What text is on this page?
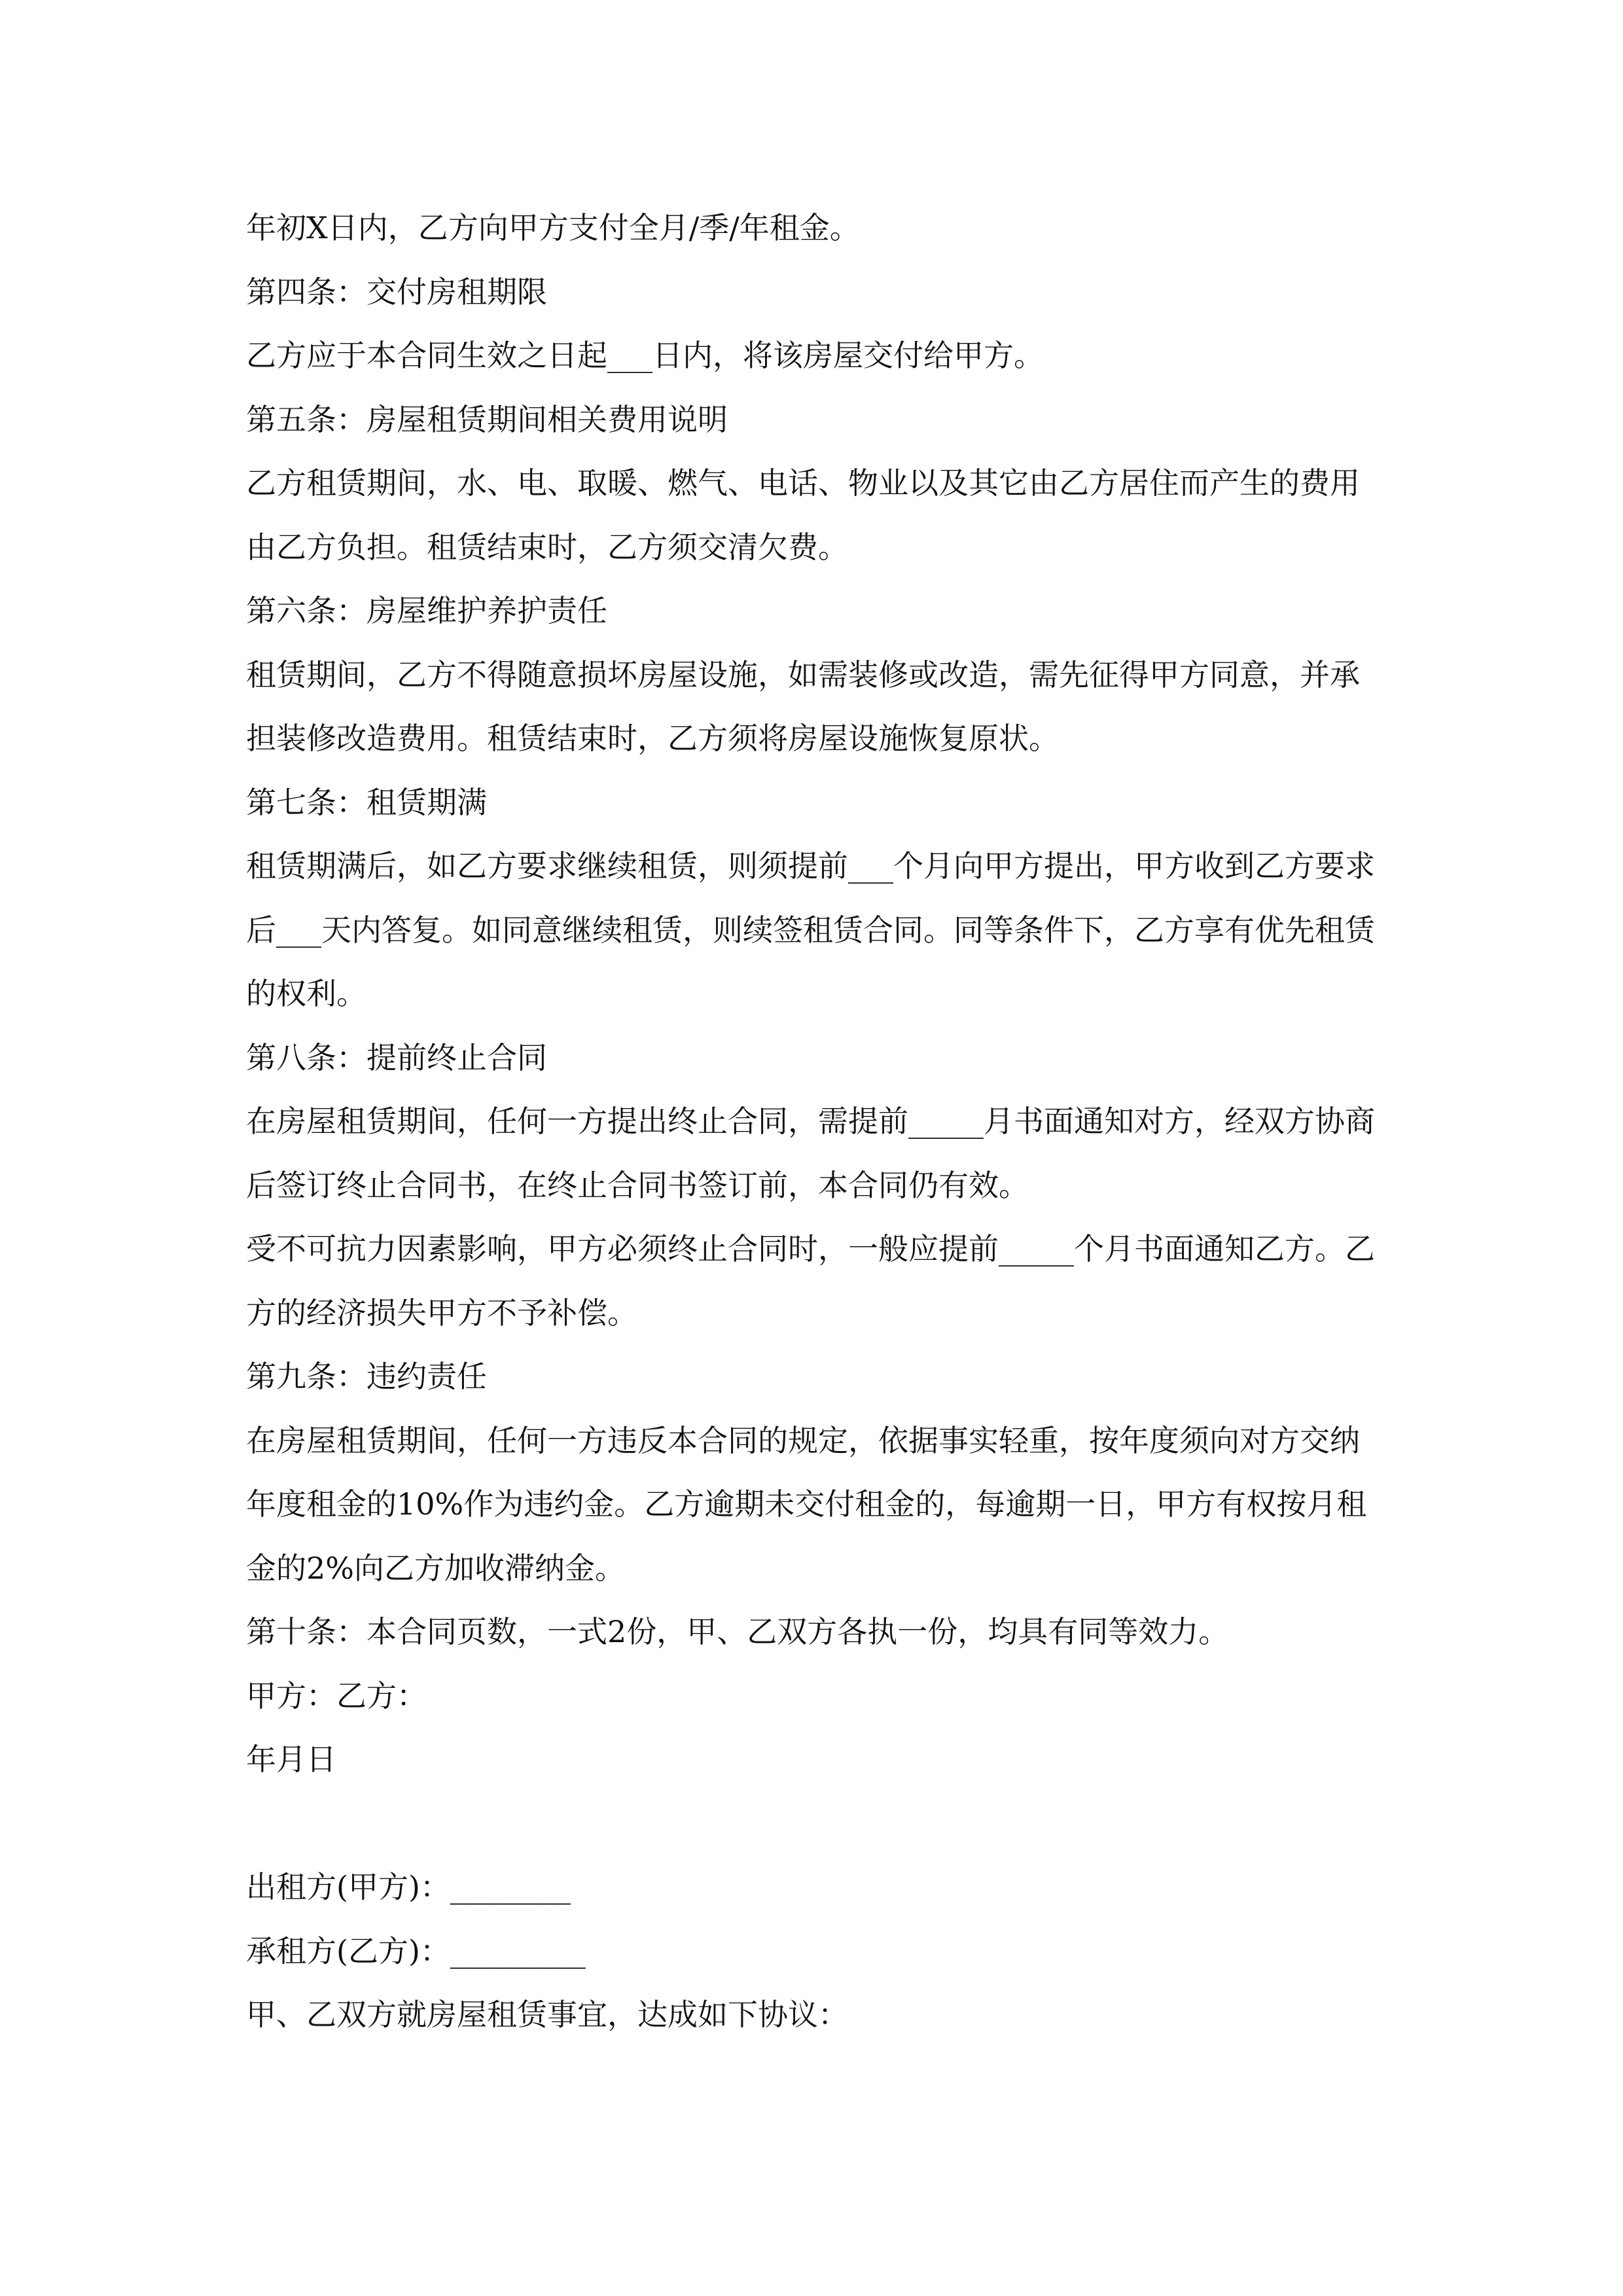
年初X日内，乙方向甲方支付全月/季/年租金。

第四条：交付房租期限

乙方应于本合同生效之日起___日内，将该房屋交付给甲方。

第五条：房屋租赁期间相关费用说明

乙方租赁期间，水、电、取暖、燃气、电话、物业以及其它由乙方居住而产生的费用由乙方负担。租赁结束时，乙方须交清欠费。

第六条：房屋维护养护责任

租赁期间，乙方不得随意损坏房屋设施，如需装修或改造，需先征得甲方同意，并承担装修改造费用。租赁结束时，乙方须将房屋设施恢复原状。

第七条：租赁期满

租赁期满后，如乙方要求继续租赁，则须提前___个月向甲方提出，甲方收到乙方要求后___天内答复。如同意继续租赁，则续签租赁合同。同等条件下，乙方享有优先租赁的权利。

第八条：提前终止合同

在房屋租赁期间，任何一方提出终止合同，需提前_____月书面通知对方，经双方协商后签订终止合同书，在终止合同书签订前，本合同仍有效。

受不可抗力因素影响，甲方必须终止合同时，一般应提前_____个月书面通知乙方。乙方的经济损失甲方不予补偿。

第九条：违约责任

在房屋租赁期间，任何一方违反本合同的规定，依据事实轻重，按年度须向对方交纳年度租金的10%作为违约金。乙方逾期未交付租金的，每逾期一日，甲方有权按月租金的2%向乙方加收滞纳金。

第十条：本合同页数，一式2份，甲、乙双方各执一份，均具有同等效力。

甲方：乙方：

年月日

出租方(甲方)：________

承租方(乙方)：_________

甲、乙双方就房屋租赁事宜，达成如下协议：
